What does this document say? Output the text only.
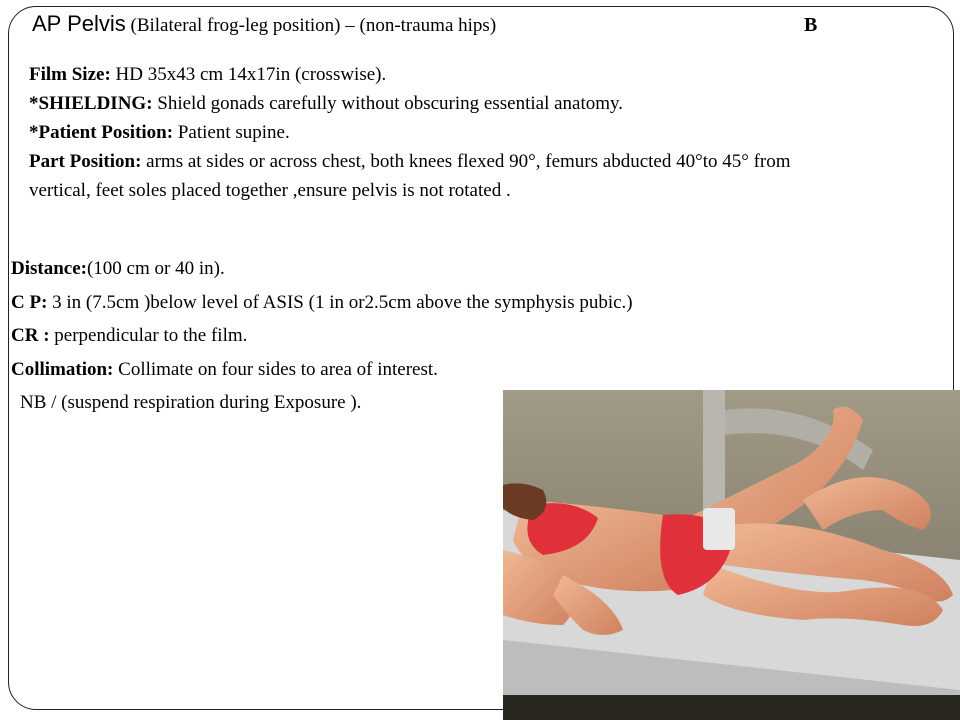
AP Pelvis (Bilateral frog-leg position) – (non-trauma hips)	B

Film Size: HD 35x43 cm 14x17in (crosswise).

*SHIELDING: Shield gonads carefully without obscuring essential anatomy.

*Patient Position: Patient supine.

Part Position: arms at sides or across chest, both knees flexed 90°, femurs abducted 40°to 45° from vertical, feet soles placed together ,ensure pelvis is not rotated .

Distance:(100 cm or 40 in).

C P: 3 in (7.5cm )below level of ASIS (1 in or2.5cm above the symphysis pubic.)

CR : perpendicular to the film.

Collimation: Collimate on four sides to area of interest.

NB / (suspend respiration during Exposure ).
